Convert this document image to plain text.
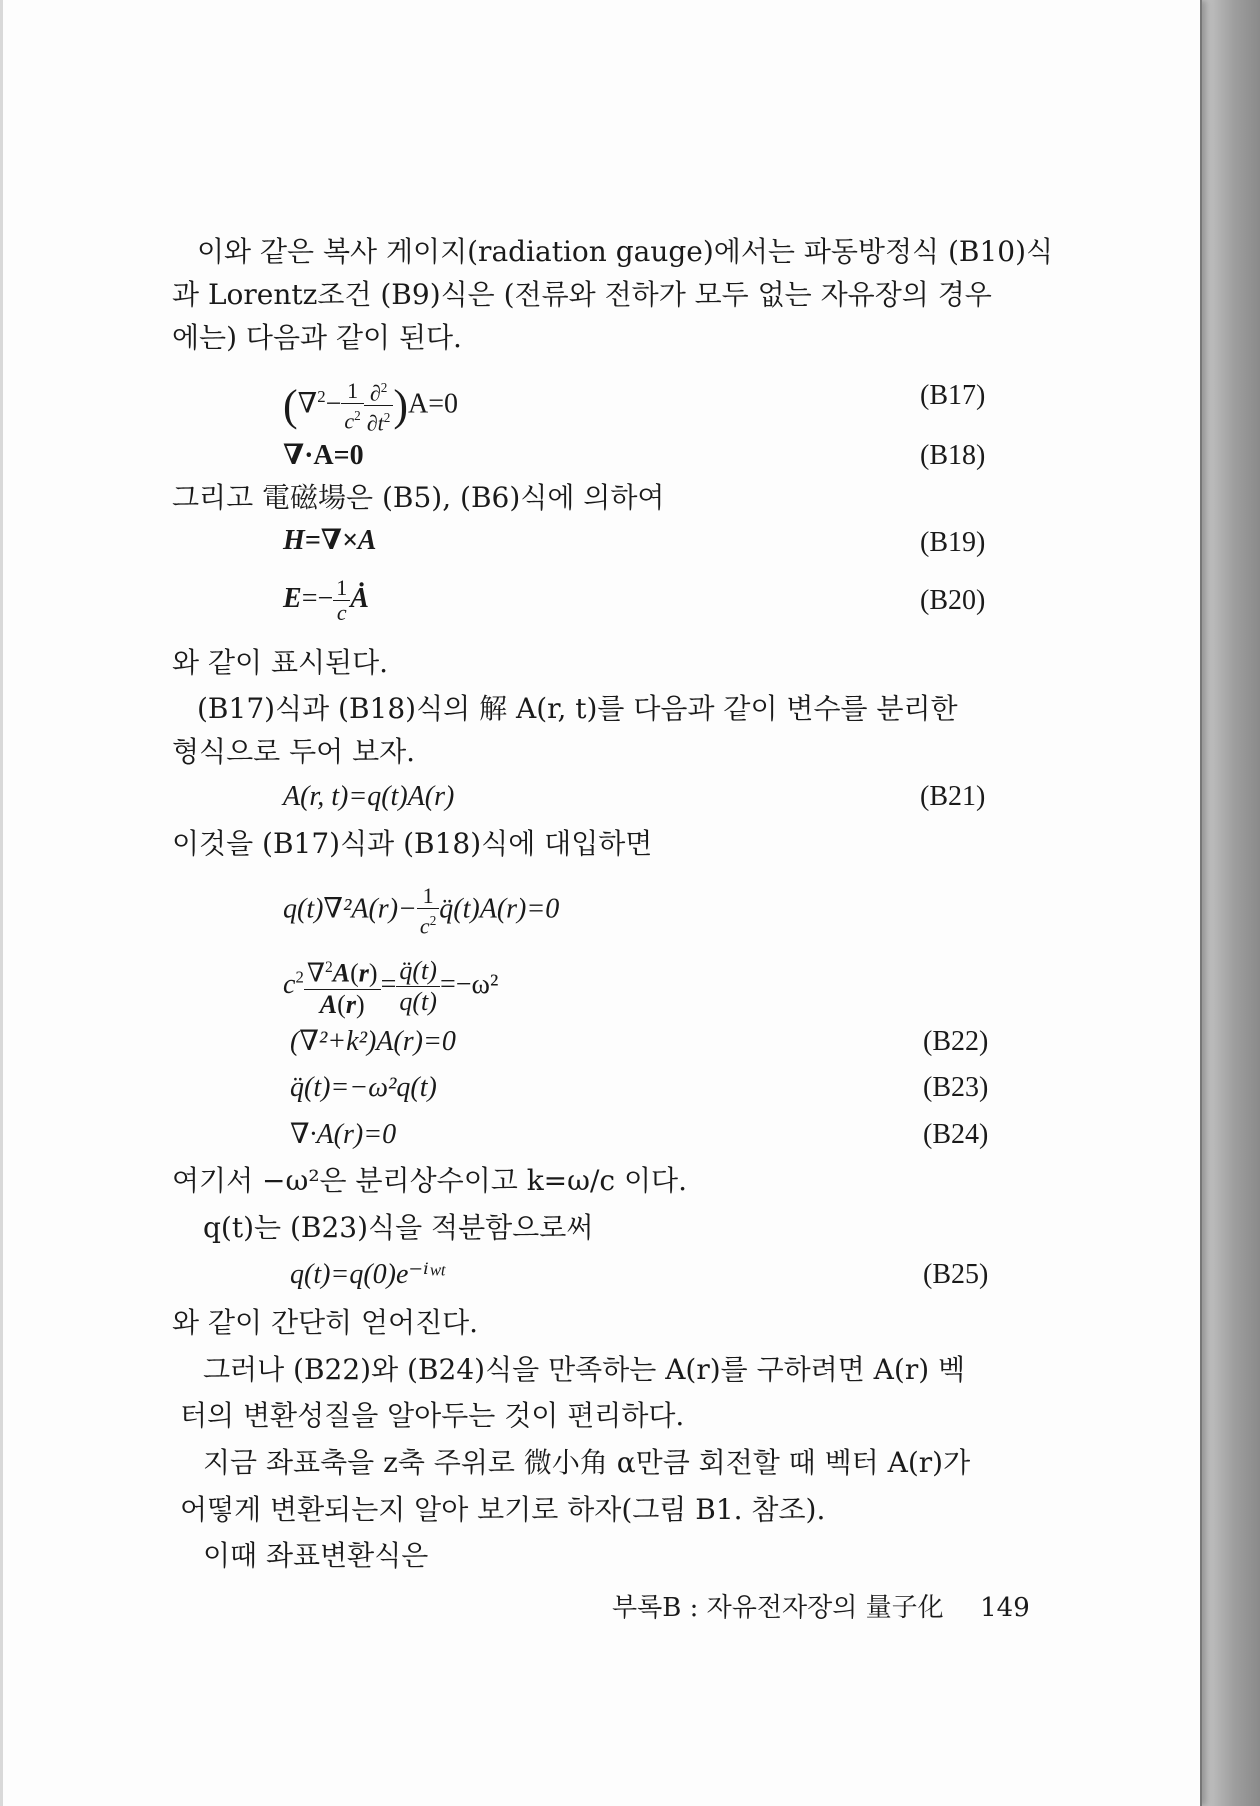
이와 같은 복사 게이지(radiation gauge)에서는 파동방정식 (B10)식
과 Lorentz조건 (B9)식은 (전류와 전하가 모두 없는 자유장의 경우
에는) 다음과 같이 된다.
$(\nabla^2- \frac{1}{c^2} \frac{\partial^2}{\partial t^2} )A=0$	(B17)
∇·A=0	(B18)
그리고 電磁場은 (B5), (B6)식에 의하여
H=∇×A	(B19)
$E=- \frac{1}{c}$ Ȧ	(B20)
와 같이 표시된다.
(B17)식과 (B18)식의 解 A(r, t)를 다음과 같이 변수를 분리한
형식으로 두어 보자.
A(r, t)=q(t)A(r)	(B21)
이것을 (B17)식과 (B18)식에 대입하면
$q(t)\nabla^2A(r)- \frac{1}{c^2}$ q̈(t)A(r)=0
$c^2 \frac{\nabla^2A(r)}{A(r)} = \frac{q̈(t)}{q(t)} =-\omega^2$
(∇²+k²)A(r)=0	(B22)
q̈(t)=−ω²q(t)	(B23)
∇·A(r)=0	(B24)
여기서 −ω²은 분리상수이고 k=ω/c 이다.
q(t)는 (B23)식을 적분함으로써
q(t)=q(0)e⁻ⁱʷᵗ	(B25)
와 같이 간단히 얻어진다.
그러나 (B22)와 (B24)식을 만족하는 A(r)를 구하려면 A(r) 벡
터의 변환성질을 알아두는 것이 편리하다.
지금 좌표축을 z축 주위로 微小角 α만큼 회전할 때 벡터 A(r)가
어떻게 변환되는지 알아 보기로 하자(그림 B1. 참조).
이때 좌표변환식은
부록B : 자유전자장의 量子化 149
